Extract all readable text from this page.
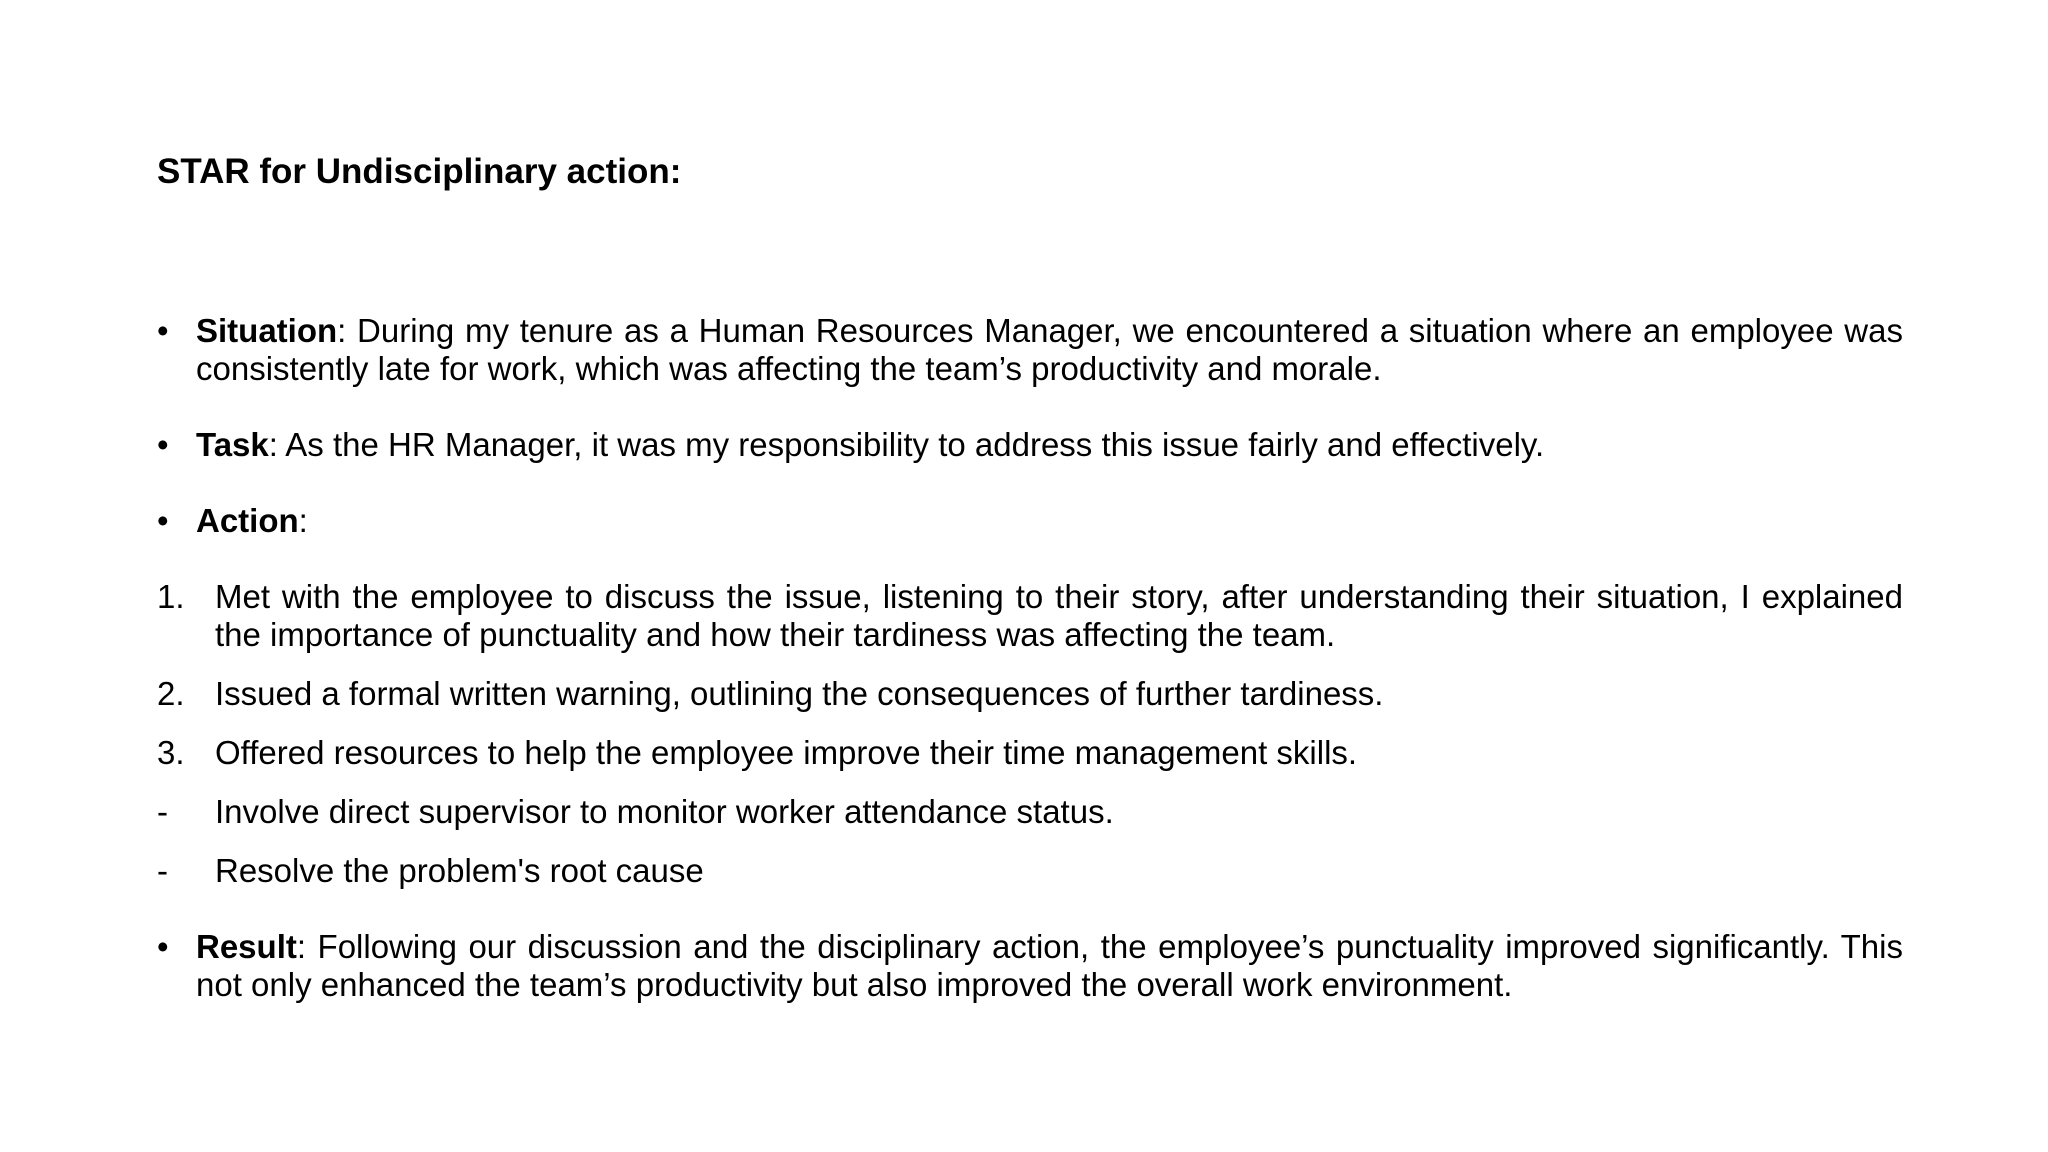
STAR for Undisciplinary action:
• Situation: During my tenure as a Human Resources Manager, we encountered a situation where an employee was consistently late for work, which was affecting the team’s productivity and morale.
• Task: As the HR Manager, it was my responsibility to address this issue fairly and effectively.
• Action:
1. Met with the employee to discuss the issue, listening to their story, after understanding their situation, I explained the importance of punctuality and how their tardiness was affecting the team.
2. Issued a formal written warning, outlining the consequences of further tardiness.
3. Offered resources to help the employee improve their time management skills.
-	Involve direct supervisor to monitor worker attendance status.
-	Resolve the problem's root cause
• Result: Following our discussion and the disciplinary action, the employee’s punctuality improved significantly. This not only enhanced the team’s productivity but also improved the overall work environment.
